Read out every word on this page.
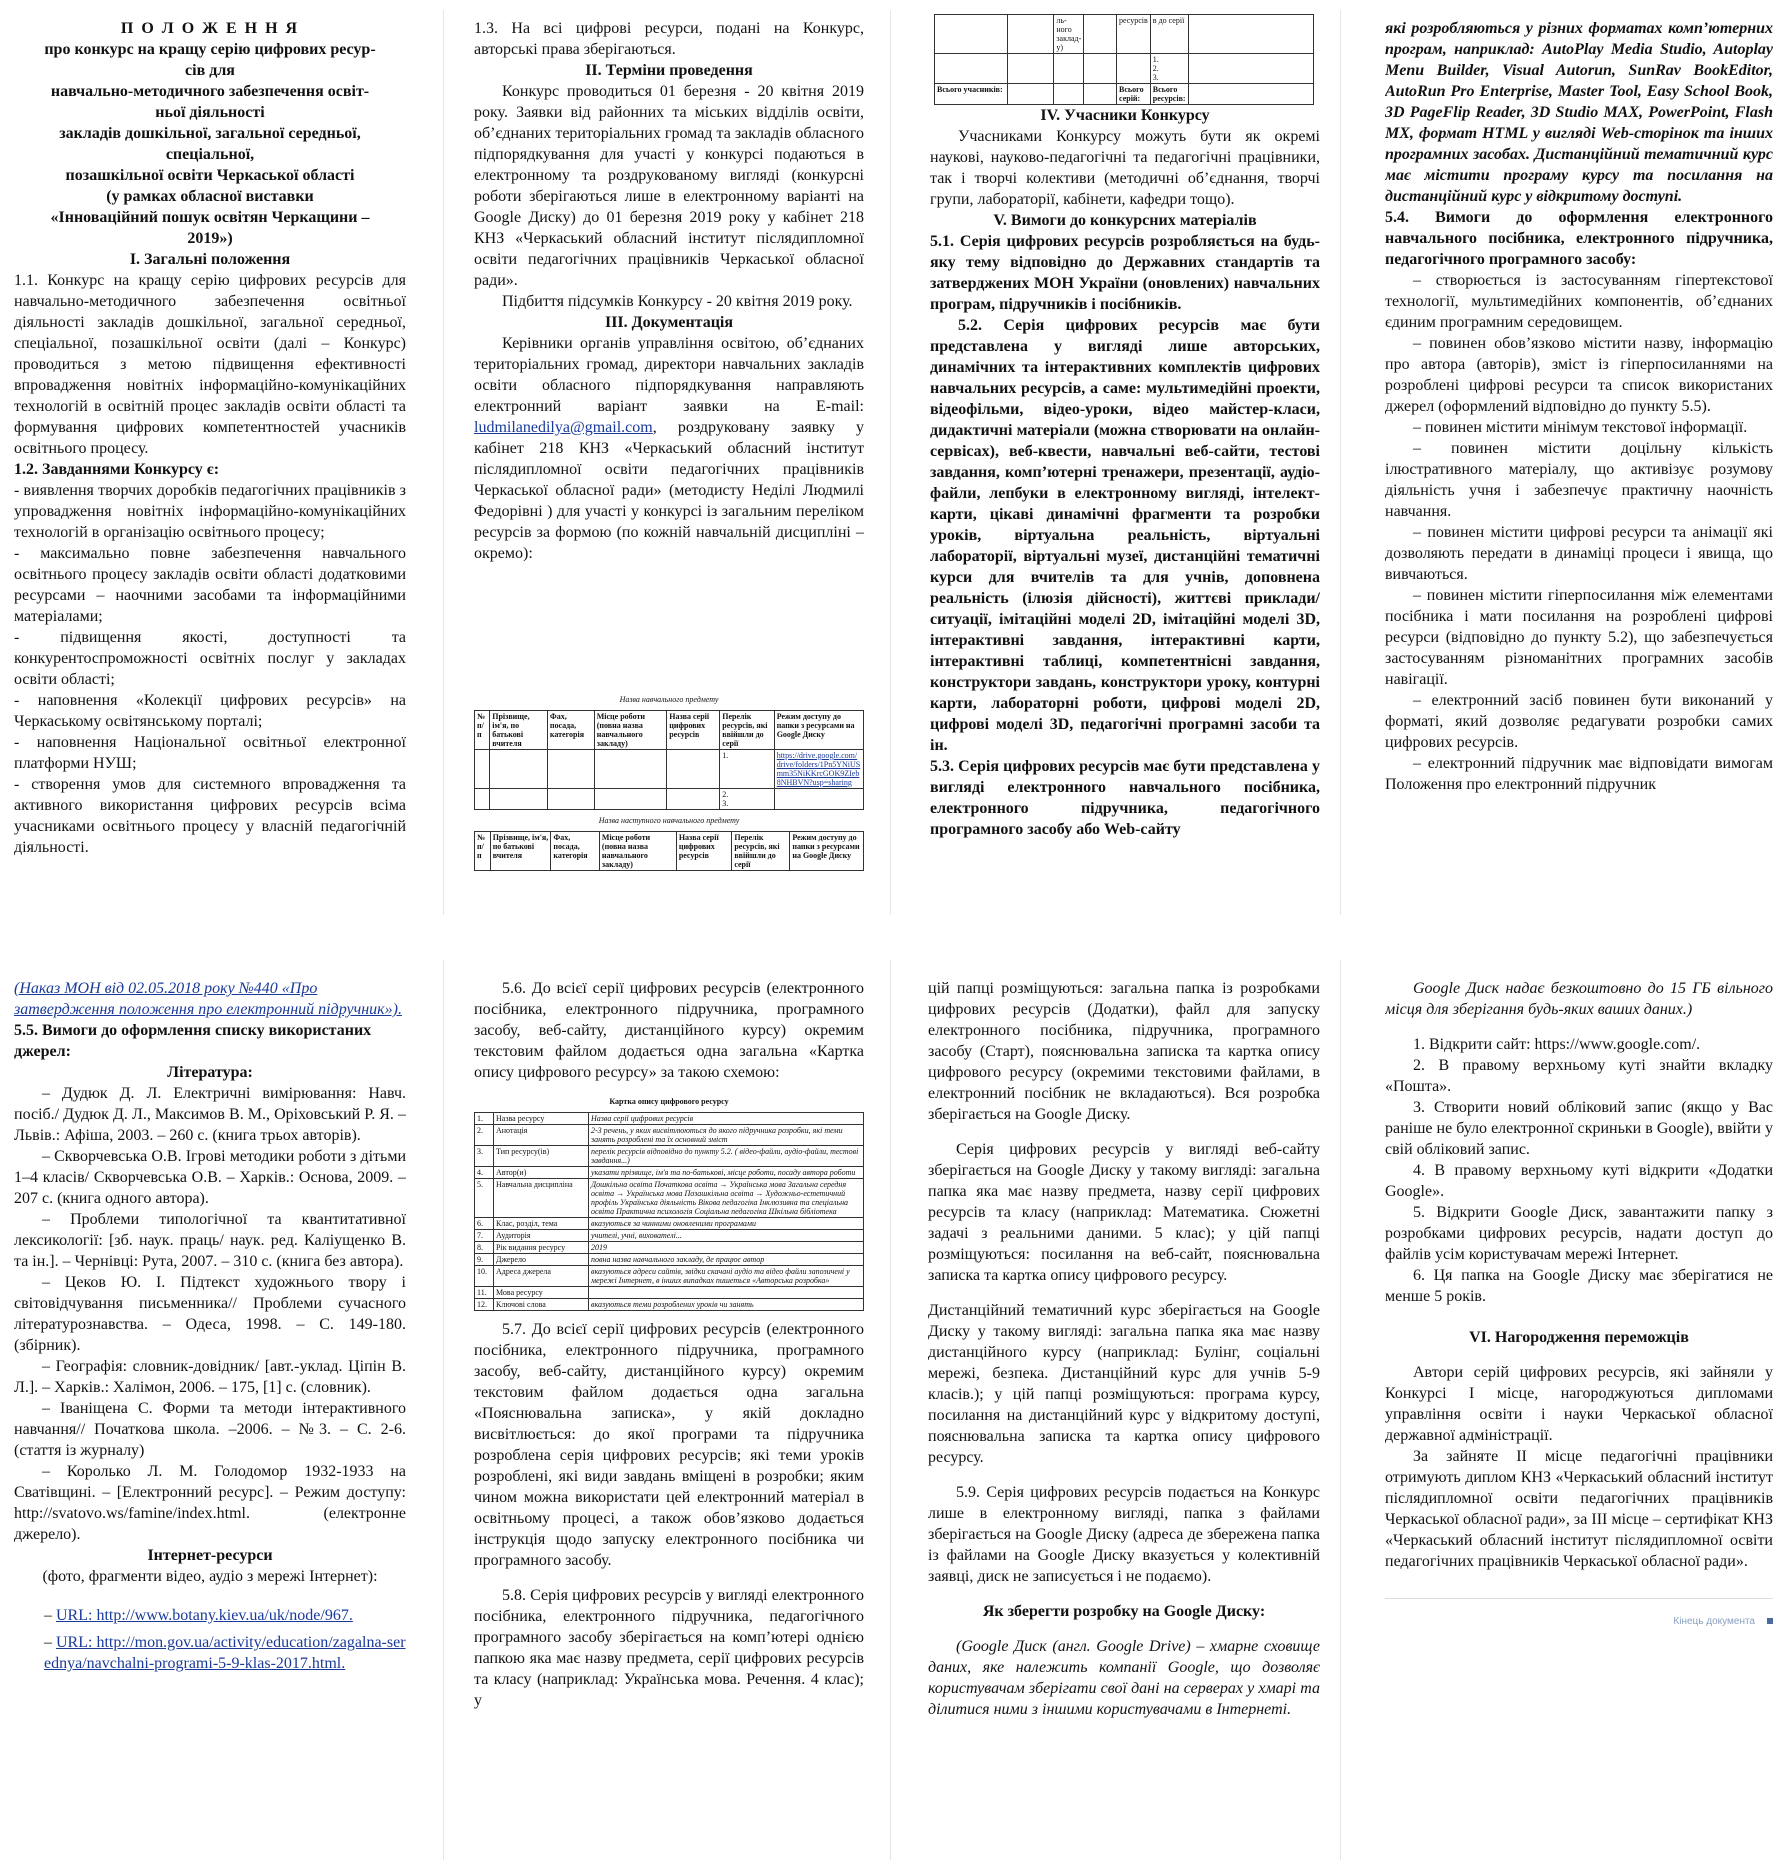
П О Л О Ж Е Н Н Я
про конкурс на кращу серію цифрових ресур-
сів для
навчально-методичного забезпечення освіт-
ньої діяльності
закладів дошкільної, загальної середньої,
спеціальної,
позашкільної освіти Черкаської області
(у рамках обласної виставки
«Інноваційний пошук освітян Черкащини –
2019»)

І. Загальні положення

1.1. Конкурс на кращу серію цифрових ресурсів для навчально-методичного забезпечення освітньої діяльності закладів дошкільної, загальної середньої, спеціальної, позашкільної освіти (далі – Конкурс) проводиться з метою підвищення ефективності впровадження новітніх інформаційно-комунікаційних технологій в освітній процес закладів освіти області та формування цифрових компетентностей учасників освітнього процесу.

1.2. Завданнями Конкурсу є:

- виявлення творчих доробків педагогічних працівників з упровадження новітніх інформаційно-комунікаційних технологій в організацію освітнього процесу;

- максимально повне забезпечення навчального освітнього процесу закладів освіти області додатковими ресурсами – наочними засобами та інформаційними матеріалами;

- підвищення якості, доступності та конкурентоспроможності освітніх послуг у закладах освіти області;

- наповнення «Колекції цифрових ресурсів» на Черкаському освітянському порталі;

- наповнення Національної освітньої електронної платформи НУШ;

- створення умов для системного впровадження та активного використання цифрових ресурсів всіма учасниками освітнього процесу у власній педагогічній діяльності.

1.3. На всі цифрові ресурси, подані на Конкурс, авторські права зберігаються.

ІІ. Терміни проведення

Конкурс проводиться 01 березня - 20 квітня 2019 року. Заявки від районних та міських відділів освіти, об’єднаних територіальних громад та закладів обласного підпорядкування для участі у конкурсі подаються в електронному та роздрукованому вигляді (конкурсні роботи зберігаються лише в електронному варіанті на Google Диску) до 01 березня 2019 року у кабінет 218 КНЗ «Черкаський обласний інститут післядипломної освіти педагогічних працівників Черкаської обласної ради».

Підбиття підсумків Конкурсу - 20 квітня 2019 року.

ІІІ. Документація

Керівники органів управління освітою, об’єднаних територіальних громад, директори навчальних закладів освіти обласного підпорядкування направляють електронний варіант заявки на E-mail: ludmilanedilya@gmail.com, роздруковану заявку у кабінет 218 КНЗ «Черкаський обласний інститут післядипломної освіти педагогічних працівників Черкаської обласної ради» (методисту Неділі Людмилі Федорівні ) для участі у конкурсі із загальним переліком ресурсів за формою (по кожній навчальній дисципліні – окремо):

Назва навчального предмету
№ п/п	Прізвище, ім'я, по батькові вчителя	Фах, посада, категорія	Місце роботи (повна назва навчального закладу)	Назва серії цифрових ресурсів	Перелік ресурсів, які ввійшли до серії	Режим доступу до папки з ресурсами на Google Диску
					1.	https://drive.google.com/drive/folders/1Pn5YNiUSmm35NiKKrcGOK9ZIeb8NHBVN?usp=sharing
					2.
3.	
Назва наступного навчального предмету
№ п/п	Прізвище, ім'я, по батькові вчителя	Фах, посада, категорія	Місце роботи (повна назва навчального закладу)	Назва серії цифрових ресурсів	Перелік ресурсів, які ввійшли до серії	Режим доступу до папки з ресурсами на Google Диску
		ль-ного заклад-у)		ресурсів	в до серії	
					1.
2.
3.	
Всього учасників:				Всього серій:	Всього ресурсів:	

IV. Учасники Конкурсу

Учасниками Конкурсу можуть бути як окремі наукові, науково-педагогічні та педагогічні працівники, так і творчі колективи (методичні об’єднання, творчі групи, лабораторії, кабінети, кафедри тощо).

V. Вимоги до конкурсних матеріалів

5.1. Серія цифрових ресурсів розробляється на будь-яку тему відповідно до Державних стандартів та затверджених МОН України (оновлених) навчальних програм, підручників і посібників.

5.2. Серія цифрових ресурсів має бути представлена у вигляді лише авторських, динамічних та інтерактивних комплектів цифрових навчальних ресурсів, а саме: мультимедійні проекти, відеофільми, відео-уроки, відео майстер-класи, дидактичні матеріали (можна створювати на онлайн-сервісах), веб-квести, навчальні веб-сайти, тестові завдання, комп’ютерні тренажери, презентації, аудіо-файли, лепбуки в електронному вигляді, інтелект-карти, цікаві динамічні фрагменти та розробки уроків, віртуальна реальність, віртуальні лабораторії, віртуальні музеї, дистанційні тематичні курси для вчителів та для учнів, доповнена реальність (ілюзія дійсності), життєві приклади/ситуації, імітаційні моделі 2D, імітаційні моделі 3D, інтерактивні завдання, інтерактивні карти, інтерактивні таблиці, компетентнісні завдання, конструктори завдань, конструктори уроку, контурні карти, лабораторні роботи, цифрові моделі 2D, цифрові моделі 3D, педагогічні програмні засоби та ін.

5.3. Серія цифрових ресурсів має бути представлена у вигляді електронного навчального посібника, електронного підручника, педагогічного програмного засобу або Web-сайту

які розробляються у різних форматах комп’ютерних програм, наприклад: AutoPlay Media Studio, Autoplay Menu Builder, Visual Autorun, SunRav BookEditor, AutoRun Pro Enterprise, Master Tool, Easy School Book, 3D PageFlip Reader, 3D Studio MAX, PowerPoint, Flash MX, формат HTML у вигляді Web-сторінок та інших програмних засобах. Дистанційний тематичний курс має містити програму курсу та посилання на дистанційний курс у відкритому доступі.

5.4. Вимоги до оформлення електронного навчального посібника, електронного підручника, педагогічного програмного засобу:

– створюється із застосуванням гіпертекстової технології, мультимедійних компонентів, об’єднаних єдиним програмним середовищем.

– повинен обов’язково містити назву, інформацію про автора (авторів), зміст із гіперпосиланнями на розроблені цифрові ресурси та список використаних джерел (оформлений відповідно до пункту 5.5).

– повинен містити мінімум текстової інформації.

– повинен містити доцільну кількість ілюстративного матеріалу, що активізує розумову діяльність учня і забезпечує практичну наочність навчання.

– повинен містити цифрові ресурси та анімації які дозволяють передати в динаміці процеси і явища, що вивчаються.

– повинен містити гіперпосилання між елементами посібника і мати посилання на розроблені цифрові ресурси (відповідно до пункту 5.2), що забезпечується застосуванням різноманітних програмних засобів навігації.

– електронний засіб повинен бути виконаний у форматі, який дозволяє редагувати розробки самих цифрових ресурсів.

– електронний підручник має відповідати вимогам Положення про електронний підручник

(Наказ МОН від 02.05.2018 року №440 «Про затвердження положення про електронний підручник»).

5.5. Вимоги до оформлення списку використаних джерел:

Література:

– Дудюк Д. Л. Електричні вимірювання: Навч. посіб./ Дудюк Д. Л., Максимов В. М., Оріховський Р. Я. – Львів.: Афіша, 2003. – 260 с. (книга трьох авторів).

– Скворчевська О.В. Ігрові методики роботи з дітьми 1–4 класів/ Скворчевська О.В. – Харків.: Основа, 2009. – 207 с. (книга одного автора).

– Проблеми типологічної та квантитативної лексикології: [зб. наук. праць/ наук. ред. Каліущенко В. та ін.]. – Чернівці: Рута, 2007. – 310 с. (книга без автора).

– Цеков Ю. І. Підтекст художнього твору і світовідчування письменника// Проблеми сучасного літературознавства. – Одеса, 1998. – С. 149-180. (збірник).

– Географія: словник-довідник/ [авт.-уклад. Ціпін В. Л.]. – Харків.: Халімон, 2006. – 175, [1] с. (словник).

– Іваніщена С. Форми та методи інтерактивного навчання// Початкова школа. –2006. – №3. – С. 2-6. (стаття із журналу)

– Королько Л. М. Голодомор 1932-1933 на Сватівщині. – [Електронний ресурс]. – Режим доступу: http://svatovo.ws/famine/index.html. (електронне джерело).

Інтернет-ресурси

(фото, фрагменти відео, аудіо з мережі Інтернет):

– URL: http://www.botany.kiev.ua/uk/node/967.

– URL: http://mon.gov.ua/activity/education/zagalna-serednya/navchalni-programi-5-9-klas-2017.html.

5.6. До всієї серії цифрових ресурсів (електронного посібника, електронного підручника, програмного засобу, веб-сайту, дистанційного курсу) окремим текстовим файлом додається одна загальна «Картка опису цифрового ресурсу» за такою схемою:

Картка опису цифрового ресурсу
1.	Назва ресурсу	Назва серії цифрових ресурсів
2.	Анотація	2-3 речень, у яких висвітлюються до якого підручника розробки, які теми занять розроблені та їх основний зміст
3.	Тип ресурсу(ів)	перелік ресурсів відповідно до пункту 5.2. ( відео-файли, аудіо-файли, тестові завдання...)
4.	Автор(и)	указати прізвище, ім'я та по-батькові, місце роботи, посаду автора роботи
5.	Навчальна дисципліна	Дошкільна освіта Початкова освіта → Українська мова Загальна середня освіта → Українська мова Позашкільна освіта → Художньо-естетичний профіль Українська діяльність Вікова педагогіка Інклюзивна та спеціальна освіта Практична психологія Соціальна педагогіка Шкільна бібліотека
6.	Клас, розділ, тема	вказуються за чинними оновленими програмами
7.	Аудиторія	учителі, учні, вихователі...
8.	Рік видання ресурсу	2019
9.	Джерело	повна назва навчального закладу, де працює автор
10.	Адреса джерела	вказуються адреси сайтів, звідки скачані аудіо та відео файли запозичені у мережі Інтернет, в інших випадках пишеться «Авторська розробка»
11.	Мова ресурсу	
12.	Ключові слова	вказуються теми розроблених уроків чи занять

5.7. До всієї серії цифрових ресурсів (електронного посібника, електронного підручника, програмного засобу, веб-сайту, дистанційного курсу) окремим текстовим файлом додається одна загальна «Пояснювальна записка», у якій докладно висвітлюється: до якої програми та підручника розроблена серія цифрових ресурсів; які теми уроків розроблені, які види завдань вміщені в розробки; яким чином можна використати цей електронний матеріал в освітньому процесі, а також обов’язково додається інструкція щодо запуску електронного посібника чи програмного засобу.

5.8. Серія цифрових ресурсів у вигляді електронного посібника, електронного підручника, педагогічного програмного засобу зберігається на комп’ютері однією папкою яка має назву предмета, серії цифрових ресурсів та класу (наприклад: Українська мова. Речення. 4 клас); у

цій папці розміщуються: загальна папка із розробками цифрових ресурсів (Додатки), файл для запуску електронного посібника, підручника, програмного засобу (Старт), пояснювальна записка та картка опису цифрового ресурсу (окремими текстовими файлами, в електронний посібник не вкладаються). Вся розробка зберігається на Google Диску.

Серія цифрових ресурсів у вигляді веб-сайту зберігається на Google Диску у такому вигляді: загальна папка яка має назву предмета, назву серії цифрових ресурсів та класу (наприклад: Математика. Сюжетні задачі з реальними даними. 5 клас); у цій папці розміщуються: посилання на веб-сайт, пояснювальна записка та картка опису цифрового ресурсу.

Дистанційний тематичний курс зберігається на Google Диску у такому вигляді: загальна папка яка має назву дистанційного курсу (наприклад: Булінг, соціальні мережі, безпека. Дистанційний курс для учнів 5-9 класів.); у цій папці розміщуються: програма курсу, посилання на дистанційний курс у відкритому доступі, пояснювальна записка та картка опису цифрового ресурсу.

5.9. Серія цифрових ресурсів подається на Конкурс лише в електронному вигляді, папка з файлами зберігається на Google Диску (адреса де збережена папка із файлами на Google Диску вказується у колективній заявці, диск не записується і не подаємо).

Як зберегти розробку на Google Диску:

(Google Диск (англ. Google Drive) – хмарне сховище даних, яке належить компанії Google, що дозволяє користувачам зберігати свої дані на серверах у хмарі та ділитися ними з іншими користувачами в Інтернеті.

Google Диск надає безкоштовно до 15 ГБ вільного місця для зберігання будь-яких ваших даних.)

1. Відкрити сайт: https://www.google.com/.

2. В правому верхньому куті знайти вкладку «Пошта».

3. Створити новий обліковий запис (якщо у Вас раніше не було електронної скриньки в Google), ввійти у свій обліковий запис.

4. В правому верхньому куті відкрити «Додатки Google».

5. Відкрити Google Диск, завантажити папку з розробками цифрових ресурсів, надати доступ до файлів усім користувачам мережі Інтернет.

6. Ця папка на Google Диску має зберігатися не менше 5 років.

VI. Нагородження переможців

Автори серій цифрових ресурсів, які зайняли у Конкурсі І місце, нагороджуються дипломами управління освіти і науки Черкаської обласної державної адміністрації.

За зайняте ІІ місце педагогічні працівники отримують диплом КНЗ «Черкаський обласний інститут післядипломної освіти педагогічних працівників Черкаської обласної ради», за ІІІ місце – сертифікат КНЗ «Черкаський обласний інститут післядипломної освіти педагогічних працівників Черкаської обласної ради».

Кінець документа
